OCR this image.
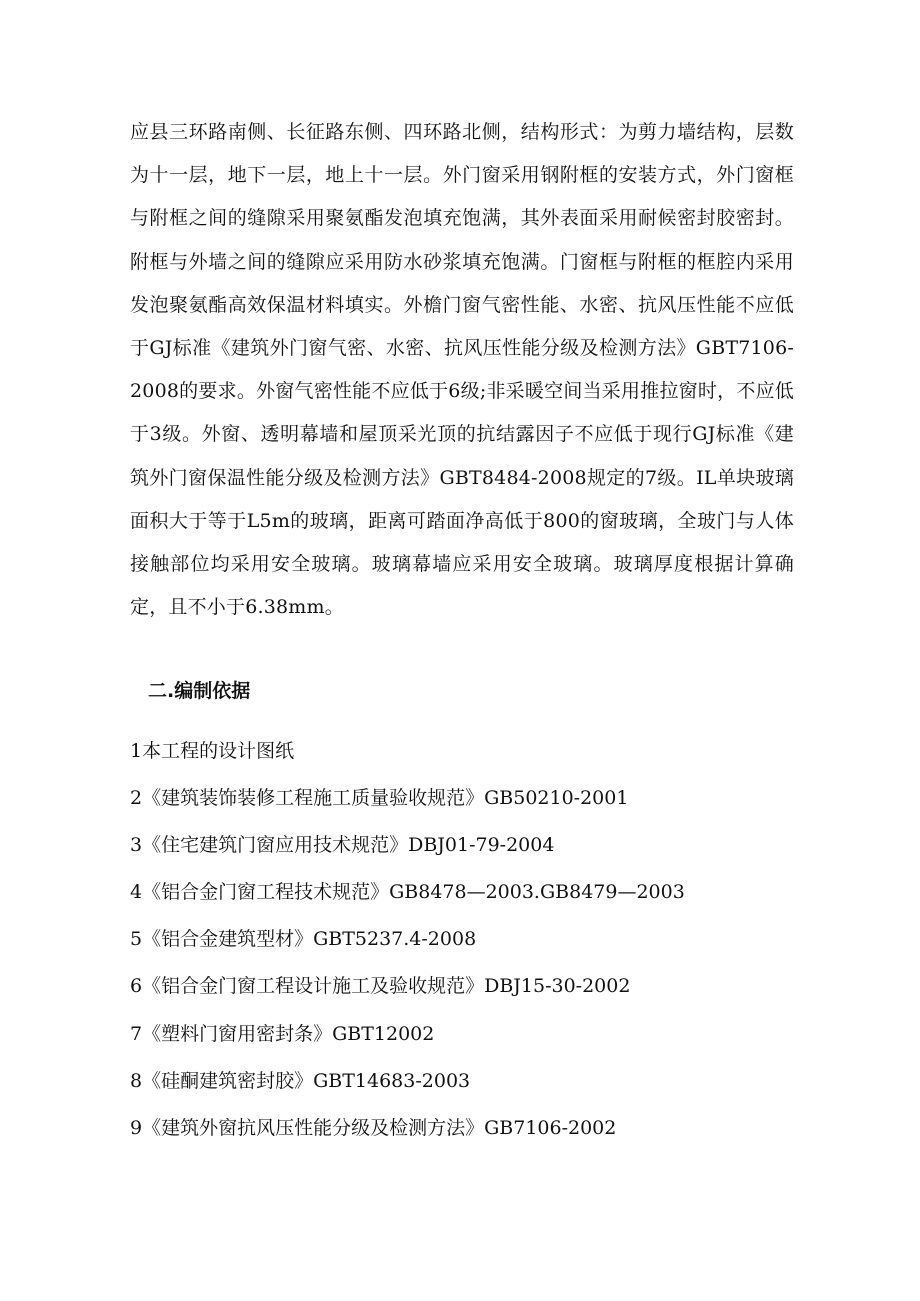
应县三环路南侧、长征路东侧、四环路北侧，结构形式：为剪力墙结构，层数为十一层，地下一层，地上十一层。外门窗采用钢附框的安装方式，外门窗框与附框之间的缝隙采用聚氨酯发泡填充饱满，其外表面采用耐候密封胶密封。附框与外墙之间的缝隙应采用防水砂浆填充饱满。门窗框与附框的框腔内采用发泡聚氨酯高效保温材料填实。外檐门窗气密性能、水密、抗风压性能不应低于GJ标准《建筑外门窗气密、水密、抗风压性能分级及检测方法》GBT7106-2008的要求。外窗气密性能不应低于6级;非采暖空间当采用推拉窗时，不应低于3级。外窗、透明幕墙和屋顶采光顶的抗结露因子不应低于现行GJ标准《建筑外门窗保温性能分级及检测方法》GBT8484-2008规定的7级。IL单块玻璃面积大于等于L5m的玻璃，距离可踏面净高低于800的窗玻璃，全玻门与人体接触部位均采用安全玻璃。玻璃幕墙应采用安全玻璃。玻璃厚度根据计算确定，且不小于6.38mm。

二.编制依据
1本工程的设计图纸
2《建筑装饰装修工程施工质量验收规范》GB50210-2001
3《住宅建筑门窗应用技术规范》DBJ01-79-2004
4《铝合金门窗工程技术规范》GB8478—2003.GB8479—2003
5《铝合金建筑型材》GBT5237.4-2008
6《铝合金门窗工程设计施工及验收规范》DBJ15-30-2002
7《塑料门窗用密封条》GBT12002
8《硅酮建筑密封胶》GBT14683-2003
9《建筑外窗抗风压性能分级及检测方法》GB7106-2002
